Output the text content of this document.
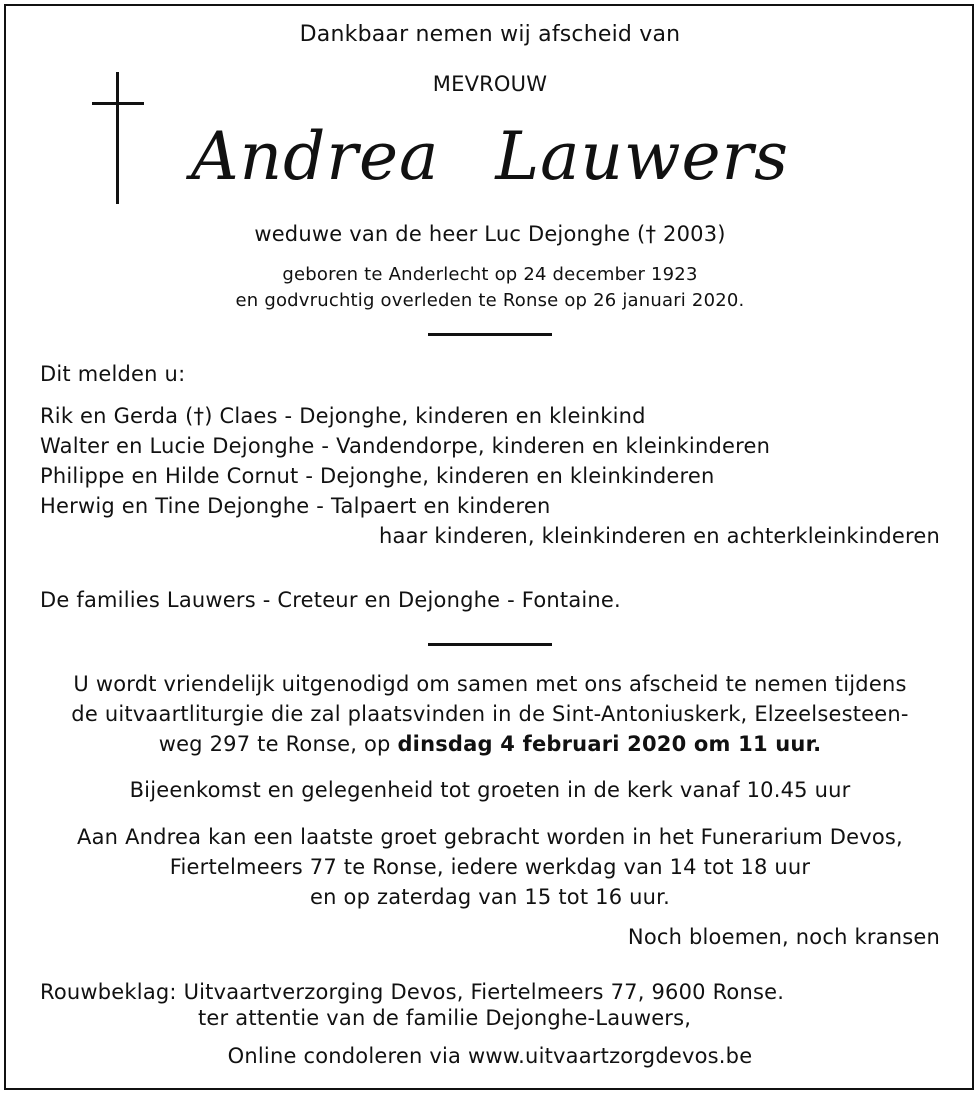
Dankbaar nemen wij afscheid van
MEVROUW
Andrea Lauwers
weduwe van de heer Luc Dejonghe († 2003)
geboren te Anderlecht op 24 december 1923
en godvruchtig overleden te Ronse op 26 januari 2020.
Dit melden u:
Rik en Gerda (†) Claes - Dejonghe, kinderen en kleinkind
Walter en Lucie Dejonghe - Vandendorpe, kinderen en kleinkinderen
Philippe en Hilde Cornut - Dejonghe, kinderen en kleinkinderen
Herwig en Tine Dejonghe - Talpaert en kinderen
haar kinderen, kleinkinderen en achterkleinkinderen
De families Lauwers - Creteur en Dejonghe - Fontaine.
U wordt vriendelijk uitgenodigd om samen met ons afscheid te nemen tijdens
de uitvaartliturgie die zal plaatsvinden in de Sint-Antoniuskerk, Elzeelsesteen-
weg 297 te Ronse, op dinsdag 4 februari 2020 om 11 uur.
Bijeenkomst en gelegenheid tot groeten in de kerk vanaf 10.45 uur
Aan Andrea kan een laatste groet gebracht worden in het Funerarium Devos,
Fiertelmeers 77 te Ronse, iedere werkdag van 14 tot 18 uur
en op zaterdag van 15 tot 16 uur.
Noch bloemen, noch kransen
Rouwbeklag: Uitvaartverzorging Devos, Fiertelmeers 77, 9600 Ronse.
ter attentie van de familie Dejonghe-Lauwers,
Online condoleren via www.uitvaartzorgdevos.be
